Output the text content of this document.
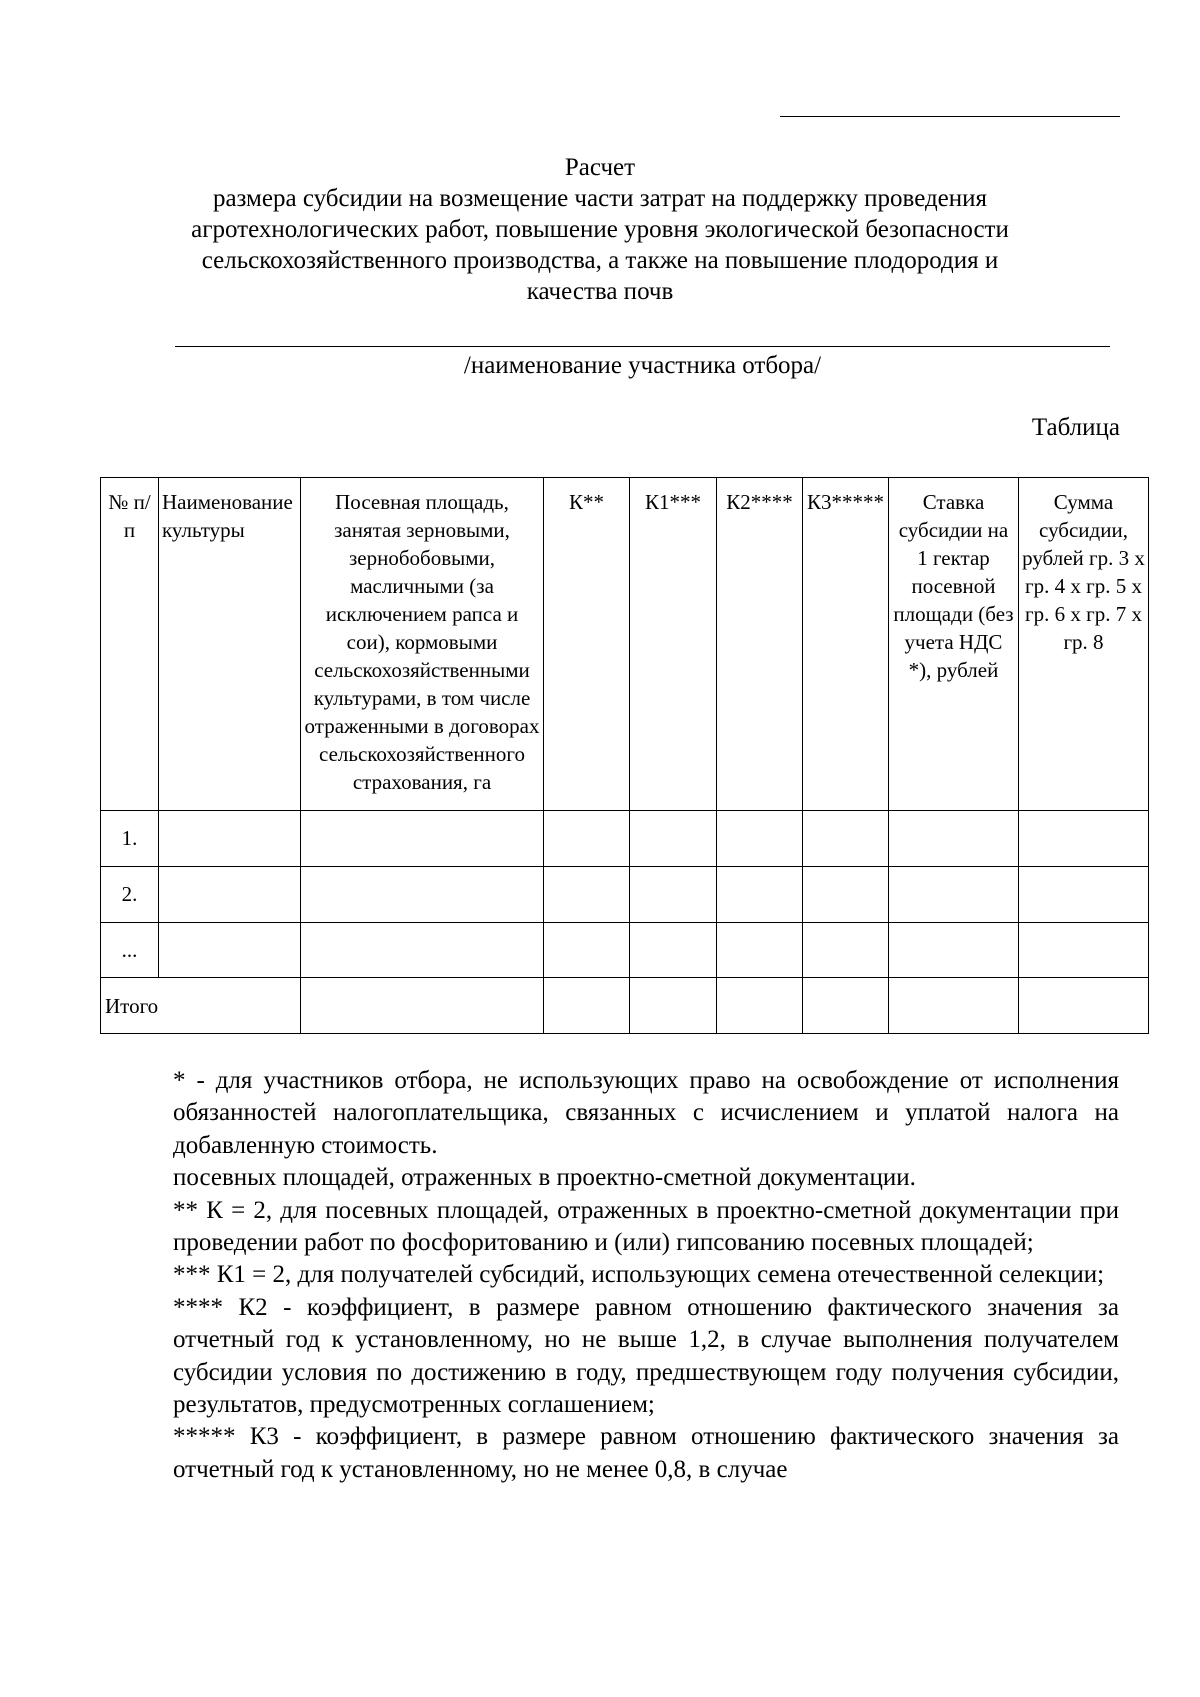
Расчет
размера субсидии на возмещение части затрат на поддержку проведения
агротехнологических работ, повышение уровня экологической безопасности
сельскохозяйственного производства, а также на повышение плодородия и
качества почв
/наименование участника отбора/
Таблица
№ п/п	Наименование культуры	Посевная площадь, занятая зерновыми, зернобобовыми, масличными (за исключением рапса и сои), кормовыми сельскохозяйственными культурами, в том числе отраженными в договорах сельскохозяйственного страхования, га	К**	К1***	К2****	К3*****	Ставка субсидии на 1 гектар посевной площади (без учета НДС *), рублей	Сумма субсидии, рублей гр. 3 х гр. 4 х гр. 5 х гр. 6 х гр. 7 х гр. 8
1.								
2.								
...								
Итого								

* - для участников отбора, не использующих право на освобождение от исполнения обязанностей налогоплательщика, связанных с исчислением и уплатой налога на добавленную стоимость.

посевных площадей, отраженных в проектно-сметной документации.

** К = 2, для посевных площадей, отраженных в проектно-сметной документации при проведении работ по фосфоритованию и (или) гипсованию посевных площадей;

*** К1 = 2, для получателей субсидий, использующих семена отечественной селекции;

**** К2 - коэффициент, в размере равном отношению фактического значения за отчетный год к установленному, но не выше 1,2, в случае выполнения получателем субсидии условия по достижению в году, предшествующем году получения субсидии, результатов, предусмотренных соглашением;

***** К3 - коэффициент, в размере равном отношению фактического значения за отчетный год к установленному, но не менее 0,8, в случае
